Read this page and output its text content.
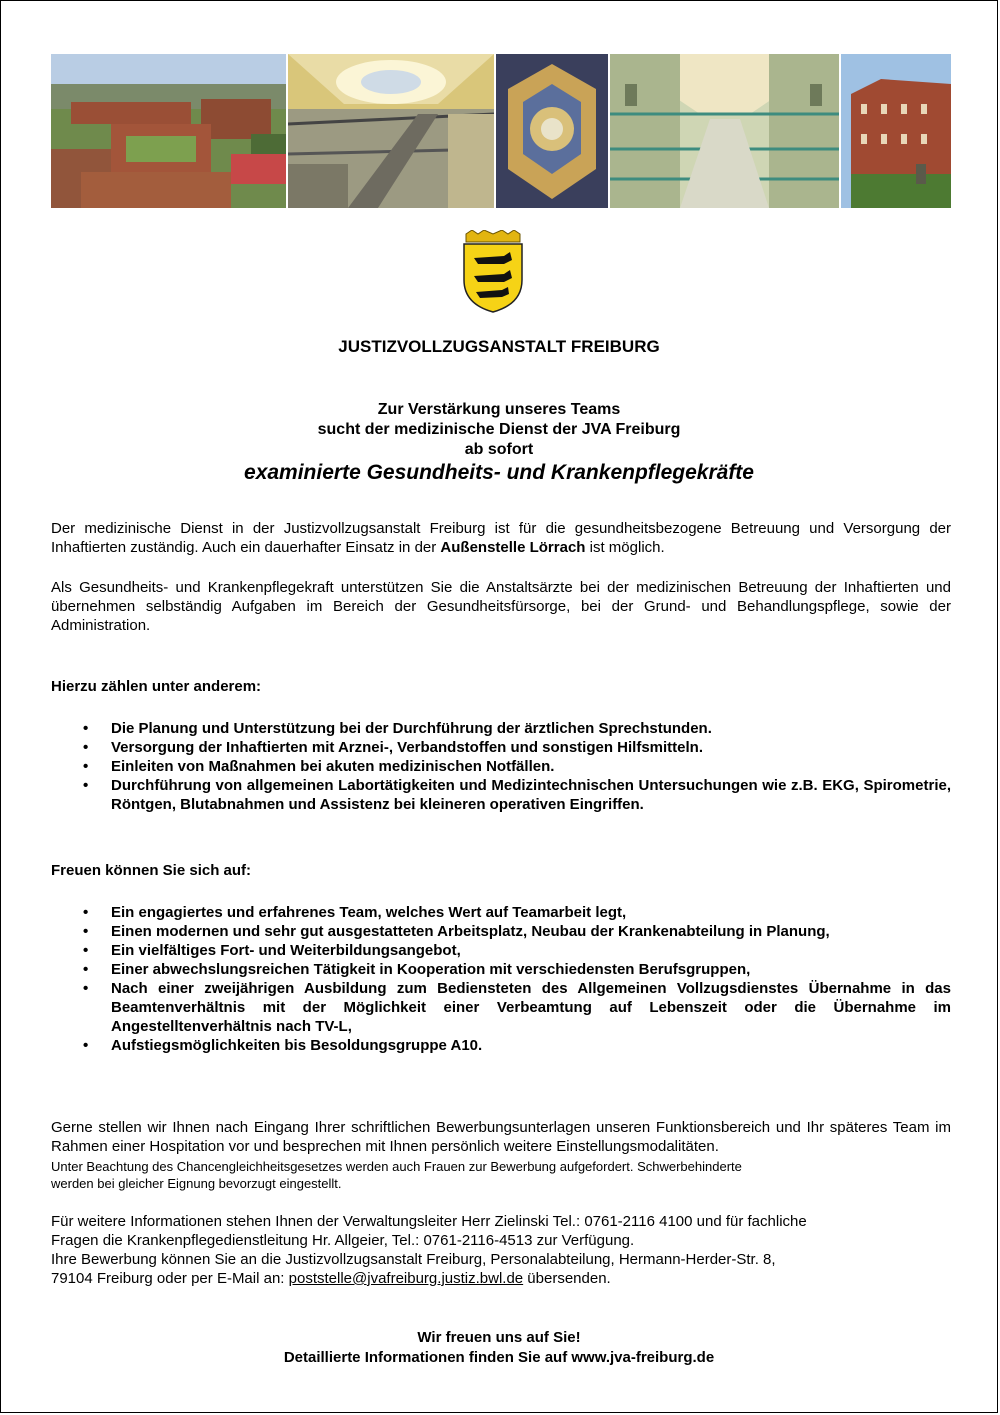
JUSTIZVOLLZUGSANSTALT FREIBURG
Zur Verstärkung unseres Teams
sucht der medizinische Dienst der JVA Freiburg
ab sofort
examinierte Gesundheits- und Krankenpflegekräfte
Der medizinische Dienst in der Justizvollzugsanstalt Freiburg ist für die gesundheitsbezogene Betreuung und Versorgung der Inhaftierten zuständig. Auch ein dauerhafter Einsatz in der Außenstelle Lörrach ist möglich.
Als Gesundheits- und Krankenpflegekraft unterstützen Sie die Anstaltsärzte bei der medizinischen Betreuung der Inhaftierten und übernehmen selbständig Aufgaben im Bereich der Gesundheitsfürsorge, bei der Grund- und Behandlungspflege, sowie der Administration.
Hierzu zählen unter anderem:
• Die Planung und Unterstützung bei der Durchführung der ärztlichen Sprechstunden.
• Versorgung der Inhaftierten mit Arznei-, Verbandstoffen und sonstigen Hilfsmitteln.
• Einleiten von Maßnahmen bei akuten medizinischen Notfällen.
• Durchführung von allgemeinen Labortätigkeiten und Medizintechnischen Untersuchungen wie z.B. EKG, Spirometrie, Röntgen, Blutabnahmen und Assistenz bei kleineren operativen Eingriffen.
Freuen können Sie sich auf:
• Ein engagiertes und erfahrenes Team, welches Wert auf Teamarbeit legt,
• Einen modernen und sehr gut ausgestatteten Arbeitsplatz, Neubau der Krankenabteilung in Planung,
• Ein vielfältiges Fort- und Weiterbildungsangebot,
• Einer abwechslungsreichen Tätigkeit in Kooperation mit verschiedensten Berufsgruppen,
• Nach einer zweijährigen Ausbildung zum Bediensteten des Allgemeinen Vollzugsdienstes Übernahme in das Beamtenverhältnis mit der Möglichkeit einer Verbeamtung auf Lebenszeit oder die Übernahme im Angestelltenverhältnis nach TV-L,
• Aufstiegsmöglichkeiten bis Besoldungsgruppe A10.
Gerne stellen wir Ihnen nach Eingang Ihrer schriftlichen Bewerbungsunterlagen unseren Funktionsbereich und Ihr späteres Team im Rahmen einer Hospitation vor und besprechen mit Ihnen persönlich weitere Einstellungsmodalitäten.
Unter Beachtung des Chancengleichheitsgesetzes werden auch Frauen zur Bewerbung aufgefordert. Schwerbehinderte
werden bei gleicher Eignung bevorzugt eingestellt.
Für weitere Informationen stehen Ihnen der Verwaltungsleiter Herr Zielinski Tel.: 0761-2116 4100 und für fachliche
Fragen die Krankenpflegedienstleitung Hr. Allgeier, Tel.: 0761-2116-4513 zur Verfügung.
Ihre Bewerbung können Sie an die Justizvollzugsanstalt Freiburg, Personalabteilung, Hermann-Herder-Str. 8,
79104 Freiburg oder per E-Mail an: poststelle@jvafreiburg.justiz.bwl.de übersenden.
Wir freuen uns auf Sie!
Detaillierte Informationen finden Sie auf www.jva-freiburg.de
